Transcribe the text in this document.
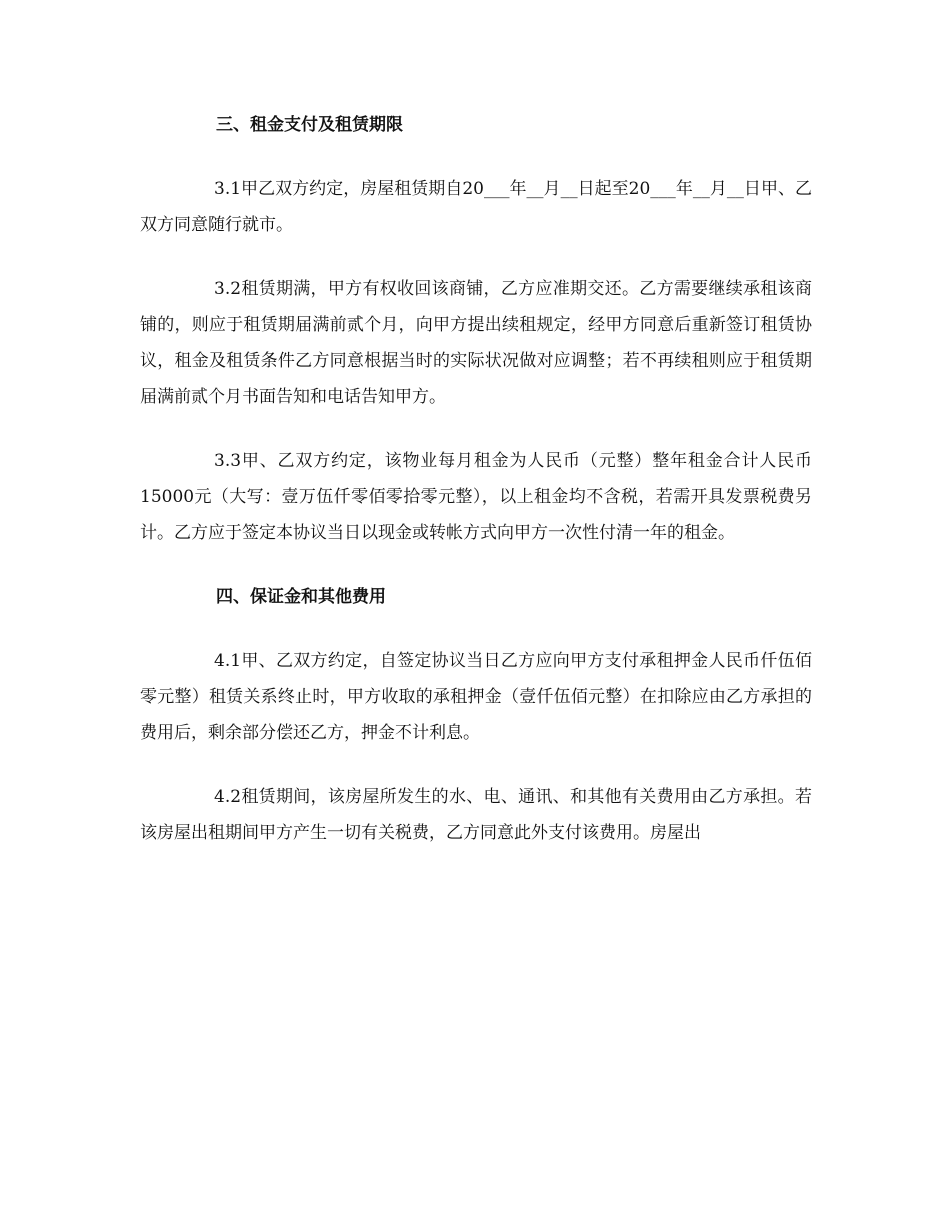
三、租金支付及租赁期限
3.1甲乙双方约定，房屋租赁期自20___年__月__日起至20___年__月__日甲、乙双方同意随行就市。
3.2租赁期满，甲方有权收回该商铺，乙方应准期交还。乙方需要继续承租该商铺的，则应于租赁期届满前贰个月，向甲方提出续租规定，经甲方同意后重新签订租赁协议，租金及租赁条件乙方同意根据当时的实际状况做对应调整；若不再续租则应于租赁期届满前贰个月书面告知和电话告知甲方。
3.3甲、乙双方约定，该物业每月租金为人民币（元整）整年租金合计人民币15000元（大写：壹万伍仟零佰零拾零元整），以上租金均不含税，若需开具发票税费另计。乙方应于签定本协议当日以现金或转帐方式向甲方一次性付清一年的租金。
四、保证金和其他费用
4.1甲、乙双方约定，自签定协议当日乙方应向甲方支付承租押金人民币仟伍佰零元整）租赁关系终止时，甲方收取的承租押金（壹仟伍佰元整）在扣除应由乙方承担的费用后，剩余部分偿还乙方，押金不计利息。
4.2租赁期间，该房屋所发生的水、电、通讯、和其他有关费用由乙方承担。若该房屋出租期间甲方产生一切有关税费，乙方同意此外支付该费用。房屋出
